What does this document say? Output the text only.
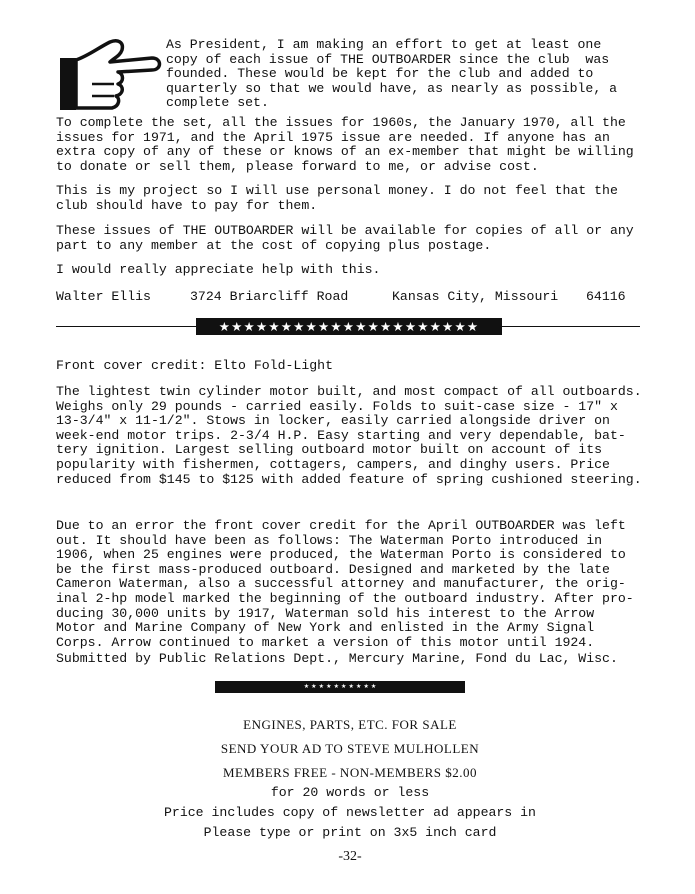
As President, I am making an effort to get at least one
copy of each issue of THE OUTBOARDER since the club  was
founded. These would be kept for the club and added to
quarterly so that we would have, as nearly as possible, a
complete set.

To complete the set, all the issues for 1960s, the January 1970, all the
issues for 1971, and the April 1975 issue are needed. If anyone has an
extra copy of any of these or knows of an ex-member that might be willing
to donate or sell them, please forward to me, or advise cost.

This is my project so I will use personal money. I do not feel that the
club should have to pay for them.

These issues of THE OUTBOARDER will be available for copies of all or any
part to any member at the cost of copying plus postage.

I would really appreciate help with this.

Walter Ellis	3724 Briarcliff Road	Kansas City, Missouri 64116
★★★★★★★★★★★★★★★★★★★★★

Front cover credit: Elto Fold-Light

The lightest twin cylinder motor built, and most compact of all outboards.
Weighs only 29 pounds - carried easily. Folds to suit-case size - 17" x
13-3/4" x 11-1/2". Stows in locker, easily carried alongside driver on
week-end motor trips. 2-3/4 H.P. Easy starting and very dependable, bat-
tery ignition. Largest selling outboard motor built on account of its
popularity with fishermen, cottagers, campers, and dinghy users. Price
reduced from $145 to $125 with added feature of spring cushioned steering.

Due to an error the front cover credit for the April OUTBOARDER was left
out. It should have been as follows: The Waterman Porto introduced in
1906, when 25 engines were produced, the Waterman Porto is considered to
be the first mass-produced outboard. Designed and marketed by the late
Cameron Waterman, also a successful attorney and manufacturer, the orig-
inal 2-hp model marked the beginning of the outboard industry. After pro-
ducing 30,000 units by 1917, Waterman sold his interest to the Arrow
Motor and Marine Company of New York and enlisted in the Army Signal
Corps. Arrow continued to market a version of this motor until 1924.

Submitted by Public Relations Dept., Mercury Marine, Fond du Lac, Wisc.

★ ★ ★ ★ ★ ★ ★ ★ ★ ★
ENGINES, PARTS, ETC. FOR SALE
SEND YOUR AD TO STEVE MULHOLLEN
MEMBERS FREE - NON-MEMBERS $2.00
for 20 words or less
Price includes copy of newsletter ad appears in
Please type or print on 3x5 inch card
-32-
